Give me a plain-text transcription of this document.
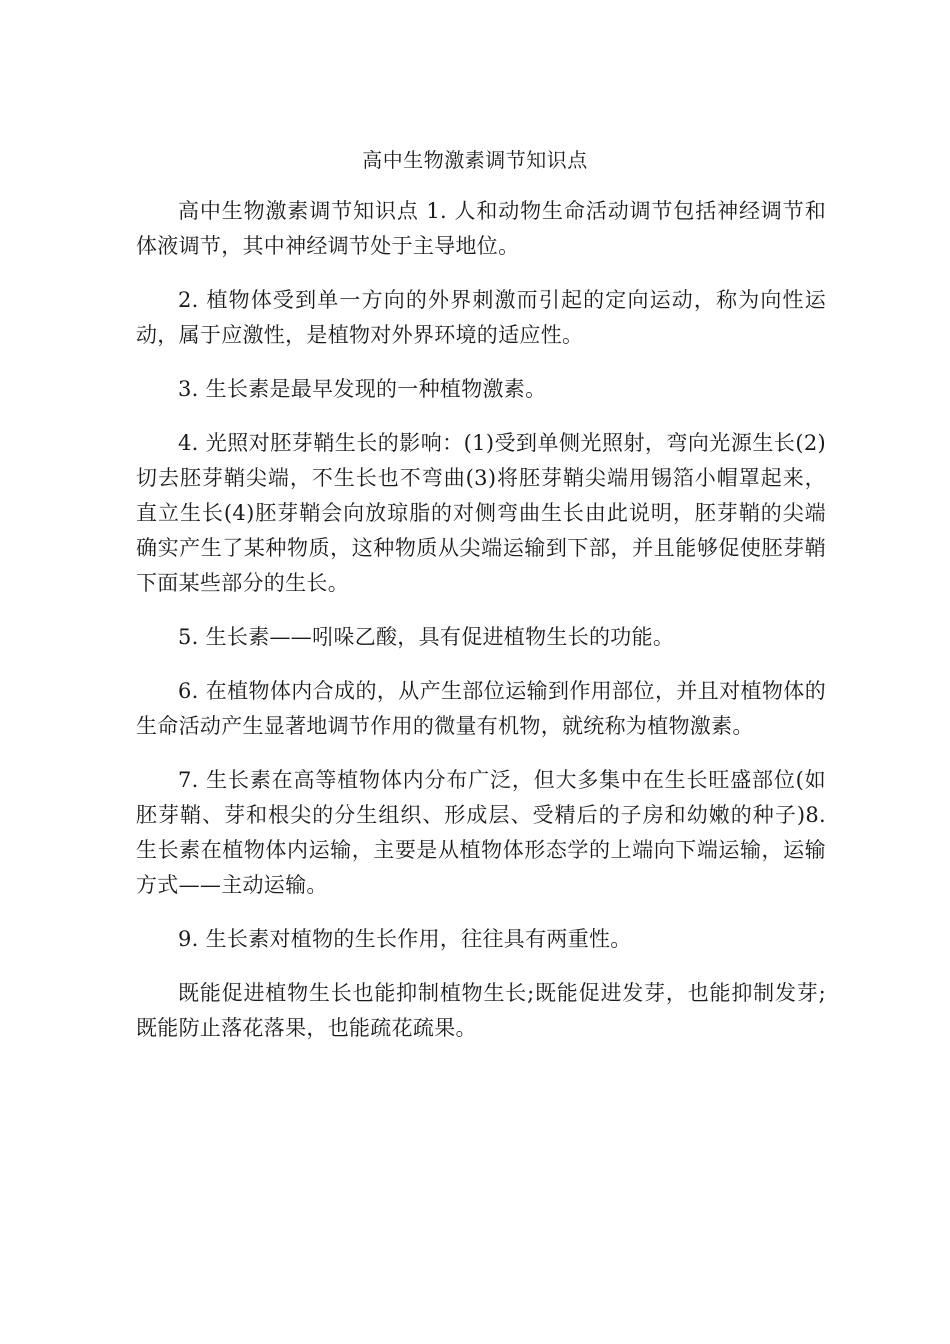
高中生物激素调节知识点

高中生物激素调节知识点 1. 人和动物生命活动调节包括神经调节和体液调节，其中神经调节处于主导地位。

2. 植物体受到单一方向的外界刺激而引起的定向运动，称为向性运动，属于应激性，是植物对外界环境的适应性。

3. 生长素是最早发现的一种植物激素。

4. 光照对胚芽鞘生长的影响：(1)受到单侧光照射，弯向光源生长(2)切去胚芽鞘尖端，不生长也不弯曲(3)将胚芽鞘尖端用锡箔小帽罩起来，直立生长(4)胚芽鞘会向放琼脂的对侧弯曲生长由此说明，胚芽鞘的尖端确实产生了某种物质，这种物质从尖端运输到下部，并且能够促使胚芽鞘下面某些部分的生长。

5. 生长素——吲哚乙酸，具有促进植物生长的功能。

6. 在植物体内合成的，从产生部位运输到作用部位，并且对植物体的生命活动产生显著地调节作用的微量有机物，就统称为植物激素。

7. 生长素在高等植物体内分布广泛，但大多集中在生长旺盛部位(如胚芽鞘、芽和根尖的分生组织、形成层、受精后的子房和幼嫩的种子)8. 生长素在植物体内运输，主要是从植物体形态学的上端向下端运输，运输方式——主动运输。

9. 生长素对植物的生长作用，往往具有两重性。

既能促进植物生长也能抑制植物生长;既能促进发芽，也能抑制发芽;既能防止落花落果，也能疏花疏果。
